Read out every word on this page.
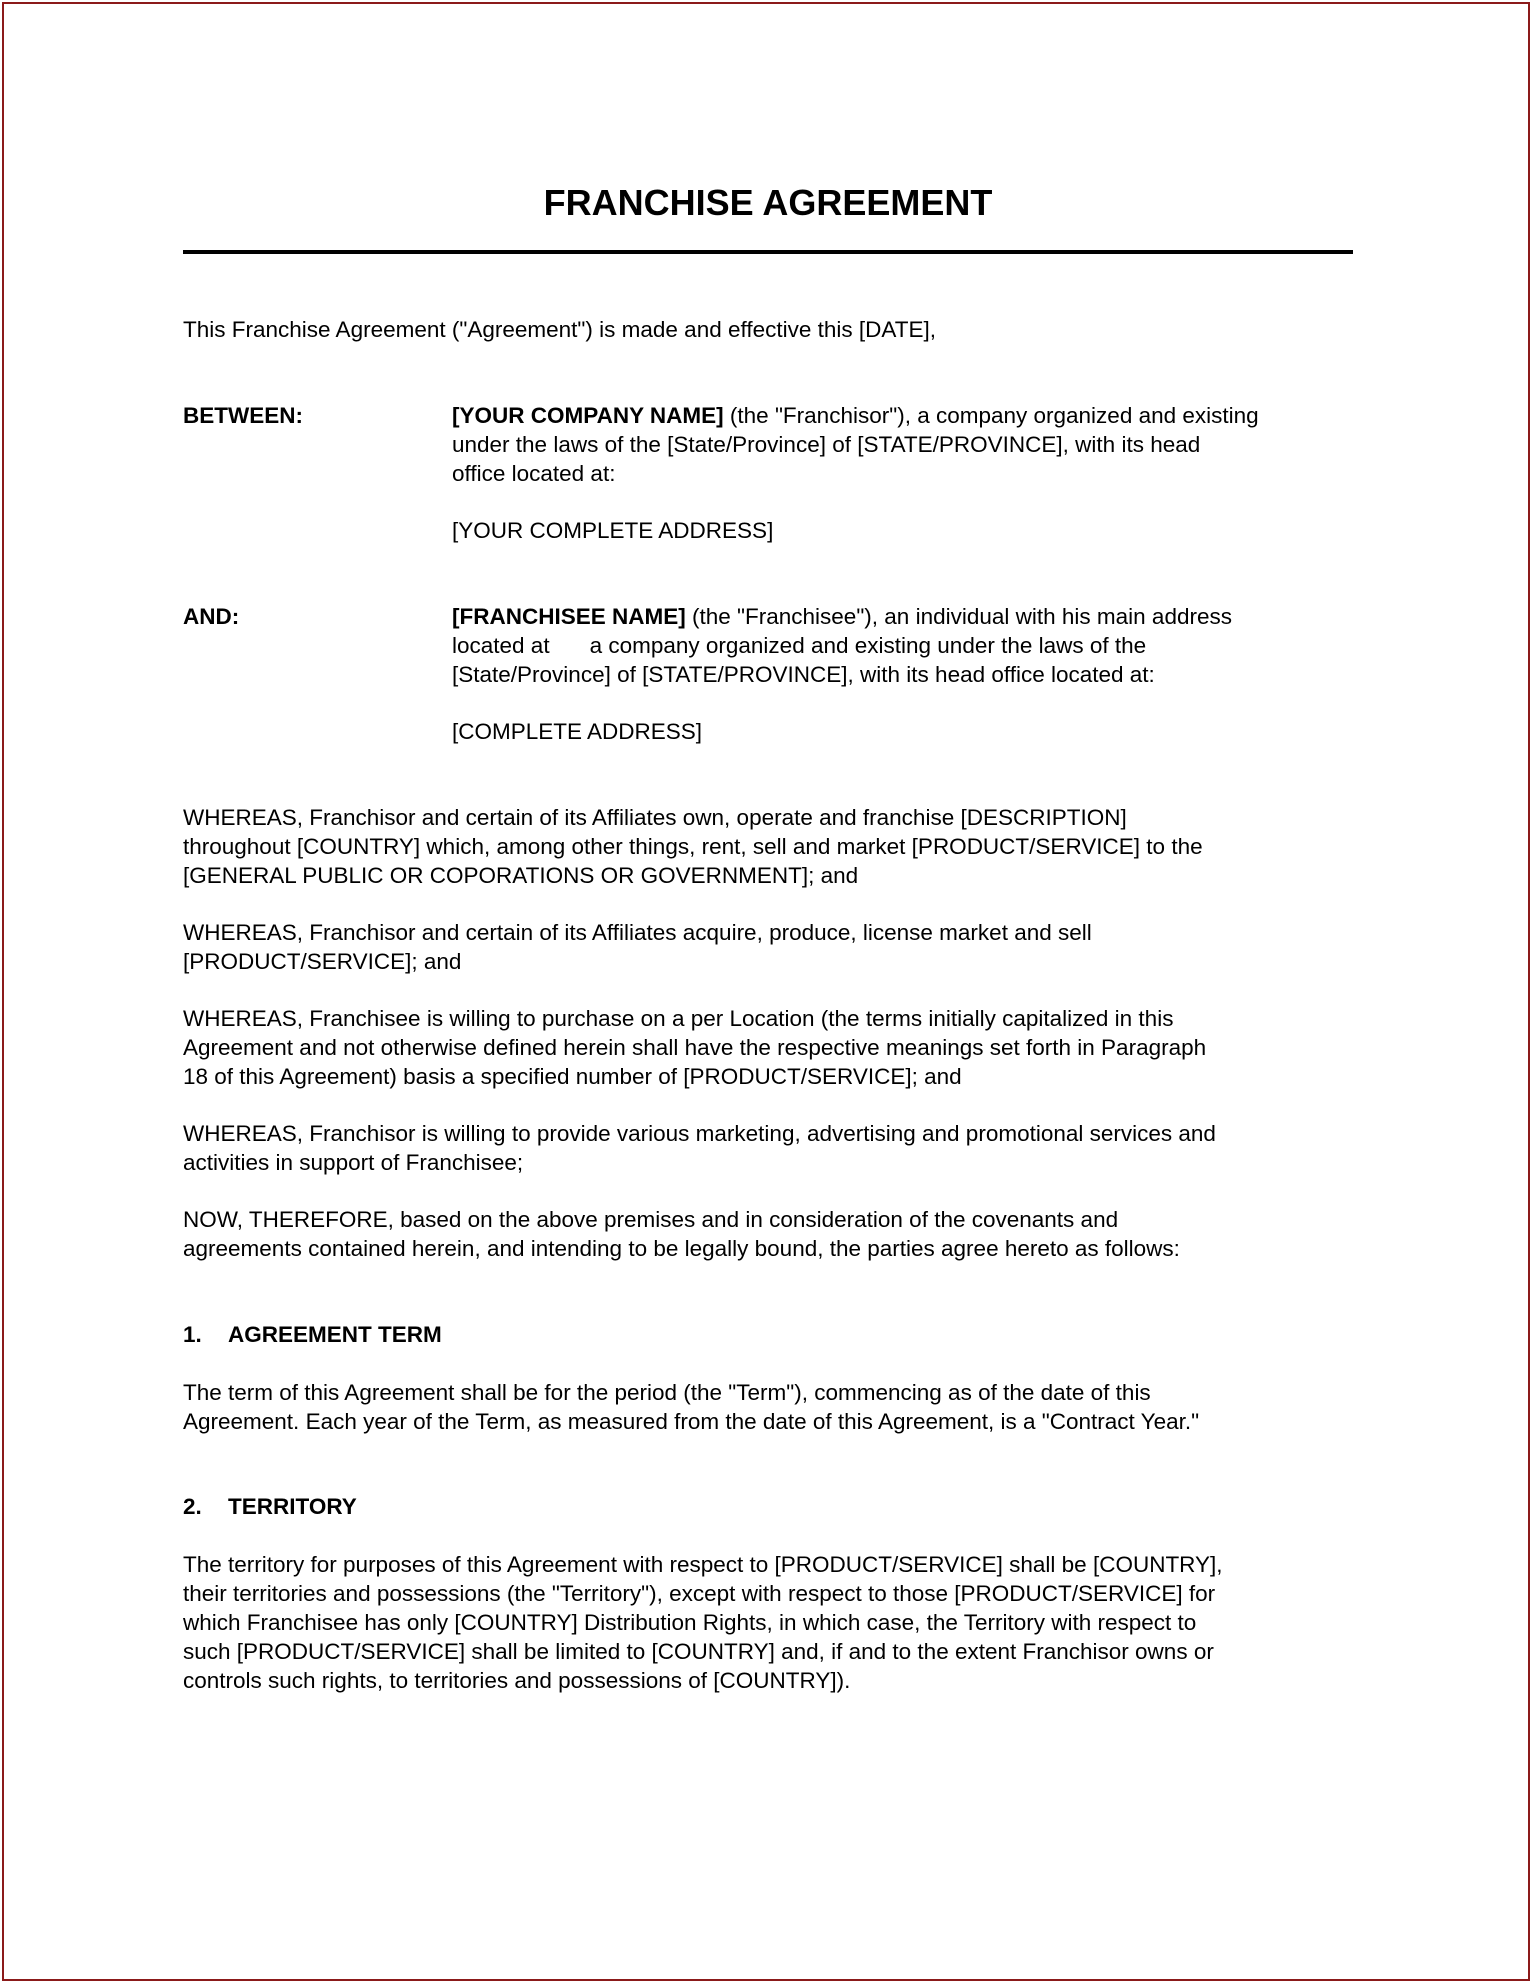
FRANCHISE AGREEMENT

This Franchise Agreement ("Agreement") is made and effective this [DATE],

BETWEEN:	[YOUR COMPANY NAME] (the "Franchisor"), a company organized and existing
under the laws of the [State/Province] of [STATE/PROVINCE], with its head
office located at:

[YOUR COMPLETE ADDRESS]

AND:	[FRANCHISEE NAME] (the "Franchisee"), an individual with his main address
located at a company organized and existing under the laws of the
[State/Province] of [STATE/PROVINCE], with its head office located at:

[COMPLETE ADDRESS]

WHEREAS, Franchisor and certain of its Affiliates own, operate and franchise [DESCRIPTION]
throughout [COUNTRY] which, among other things, rent, sell and market [PRODUCT/SERVICE] to the
[GENERAL PUBLIC OR COPORATIONS OR GOVERNMENT]; and
WHEREAS, Franchisor and certain of its Affiliates acquire, produce, license market and sell
[PRODUCT/SERVICE]; and
WHEREAS, Franchisee is willing to purchase on a per Location (the terms initially capitalized in this
Agreement and not otherwise defined herein shall have the respective meanings set forth in Paragraph
18 of this Agreement) basis a specified number of [PRODUCT/SERVICE]; and
WHEREAS, Franchisor is willing to provide various marketing, advertising and promotional services and
activities in support of Franchisee;
NOW, THEREFORE, based on the above premises and in consideration of the covenants and
agreements contained herein, and intending to be legally bound, the parties agree hereto as follows:

1. AGREEMENT TERM

The term of this Agreement shall be for the period (the "Term"), commencing as of the date of this
Agreement. Each year of the Term, as measured from the date of this Agreement, is a "Contract Year."

2. TERRITORY

The territory for purposes of this Agreement with respect to [PRODUCT/SERVICE] shall be [COUNTRY],
their territories and possessions (the "Territory"), except with respect to those [PRODUCT/SERVICE] for
which Franchisee has only [COUNTRY] Distribution Rights, in which case, the Territory with respect to
such [PRODUCT/SERVICE] shall be limited to [COUNTRY] and, if and to the extent Franchisor owns or
controls such rights, to territories and possessions of [COUNTRY]).
